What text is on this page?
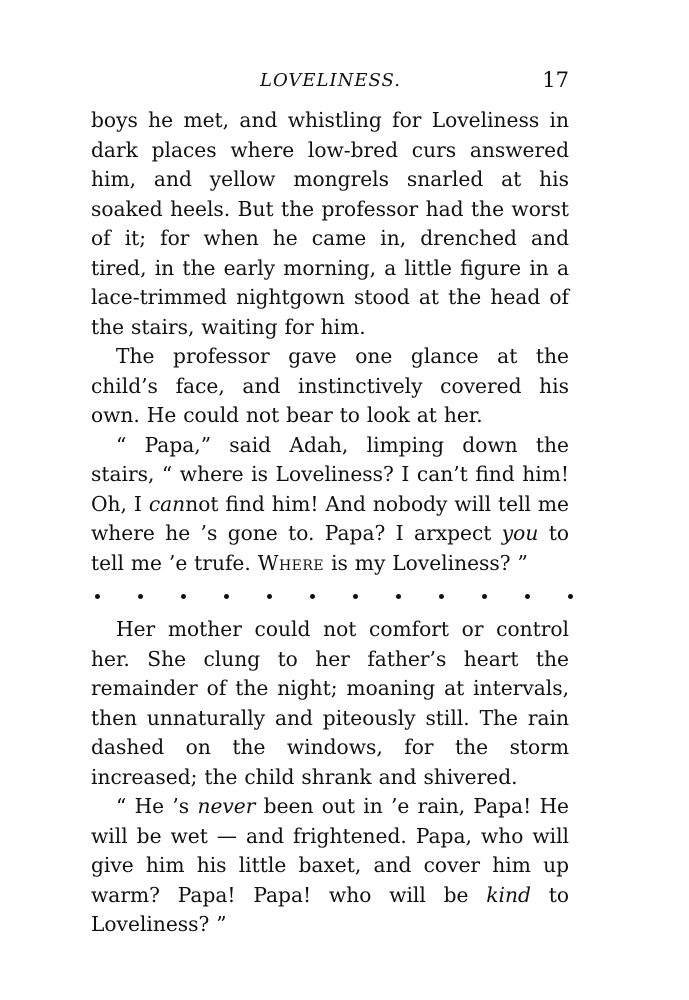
LOVELINESS.	17

boys he met, and whistling for Loveliness in dark places where low-bred curs answered him, and yellow mongrels snarled at his soaked heels. But the professor had the worst of it; for when he came in, drenched and tired, in the early morning, a little figure in a lace-trimmed nightgown stood at the head of the stairs, waiting for him.

The professor gave one glance at the child’s face, and instinctively covered his own. He could not bear to look at her.

“ Papa,” said Adah, limping down the stairs, “ where is Loveliness? I can’t find him! Oh, I cannot find him! And nobody will tell me where he ’s gone to. Papa? I arxpect you to tell me ’e trufe. Where is my Loveliness? ”

Her mother could not comfort or control her. She clung to her father’s heart the remainder of the night; moaning at intervals, then unnaturally and piteously still. The rain dashed on the windows, for the storm increased; the child shrank and shivered.

“ He ’s never been out in ’e rain, Papa! He will be wet — and frightened. Papa, who will give him his little baxet, and cover him up warm? Papa! Papa! who will be kind to Loveliness? ”
